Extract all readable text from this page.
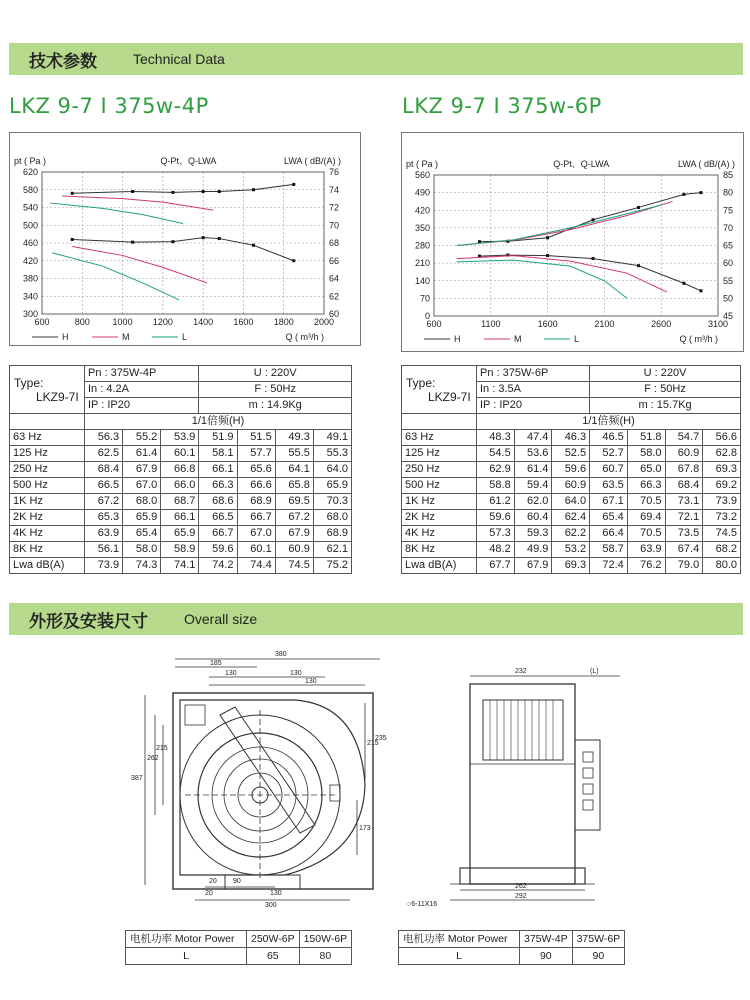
技术参数	Technical Data
LKZ 9-7 I 375w-4P	LKZ 9-7 I 375w-6P
pt ( Pa )	Q-Pt、Q-LWA	LWA ( dB/(A) )
600	800	1000 1200 1400 1600 1800 2000
620	76
580	74
540	72
500	70
460	68
420	66
380	64
340	62
300	60
H	M	L	Q ( m³/h )
pt ( Pa )	Q-Pt、Q-LWA	LWA ( dB/(A) )
600	1100	1600	2100	2600	3100
560	85
490	80
420	75
350	70
280	65
210	60
140	55
70	50
0	45
H	M	L	Q ( m³/h )
Type:
LKZ9-7I	Pn : 375W-4P			U : 220V			
	In : 4.2A			F : 50Hz			
	IP : IP20			m : 14.9Kg			
	1/1倍频(H)						
63 Hz	56.3	55.2	53.9	51.9	51.5	49.3	49.1
125 Hz	62.5	61.4	60.1	58.1	57.7	55.5	55.3
250 Hz	68.4	67.9	66.8	66.1	65.6	64.1	64.0
500 Hz	66.5	67.0	66.0	66.3	66.6	65.8	65.9
1K Hz	67.2	68.0	68.7	68.6	68.9	69.5	70.3
2K Hz	65.3	65.9	66.1	66.5	66.7	67.2	68.0
4K Hz	63.9	65.4	65.9	66.7	67.0	67.9	68.9
8K Hz	56.1	58.0	58.9	59.6	60.1	60.9	62.1
Lwa dB(A)	73.9	74.3	74.1	74.2	74.4	74.5	75.2
Type:
LKZ9-7I	Pn : 375W-6P			U : 220V			
	In : 3.5A			F : 50Hz			
	IP : IP20			m : 15.7Kg			
	1/1倍频(H)						
63 Hz	48.3	47.4	46.3	46.5	51.8	54.7	56.6
125 Hz	54.5	53.6	52.5	52.7	58.0	60.9	62.8
250 Hz	62.9	61.4	59.6	60.7	65.0	67.8	69.3
500 Hz	58.8	59.4	60.9	63.5	66.3	68.4	69.2
1K Hz	61.2	62.0	64.0	67.1	70.5	73.1	73.9
2K Hz	59.6	60.4	62.4	65.4	69.4	72.1	73.2
4K Hz	57.3	59.3	62.2	66.4	70.5	73.5	74.5
8K Hz	48.2	49.9	53.2	58.7	63.9	67.4	68.2
Lwa dB(A)	67.7	67.9	69.3	72.4	76.2	79.0	80.0
外形及安装尺寸	Overall size
380
185
130	130
130
262
215
387
215
235
173
20 90
130
20
300
232	(L)
262
292
○6-11X16
电机功率 Motor Power	250W-6P	150W-6P
L	65	80
电机功率 Motor Power	375W-4P	375W-6P
L	90	90
